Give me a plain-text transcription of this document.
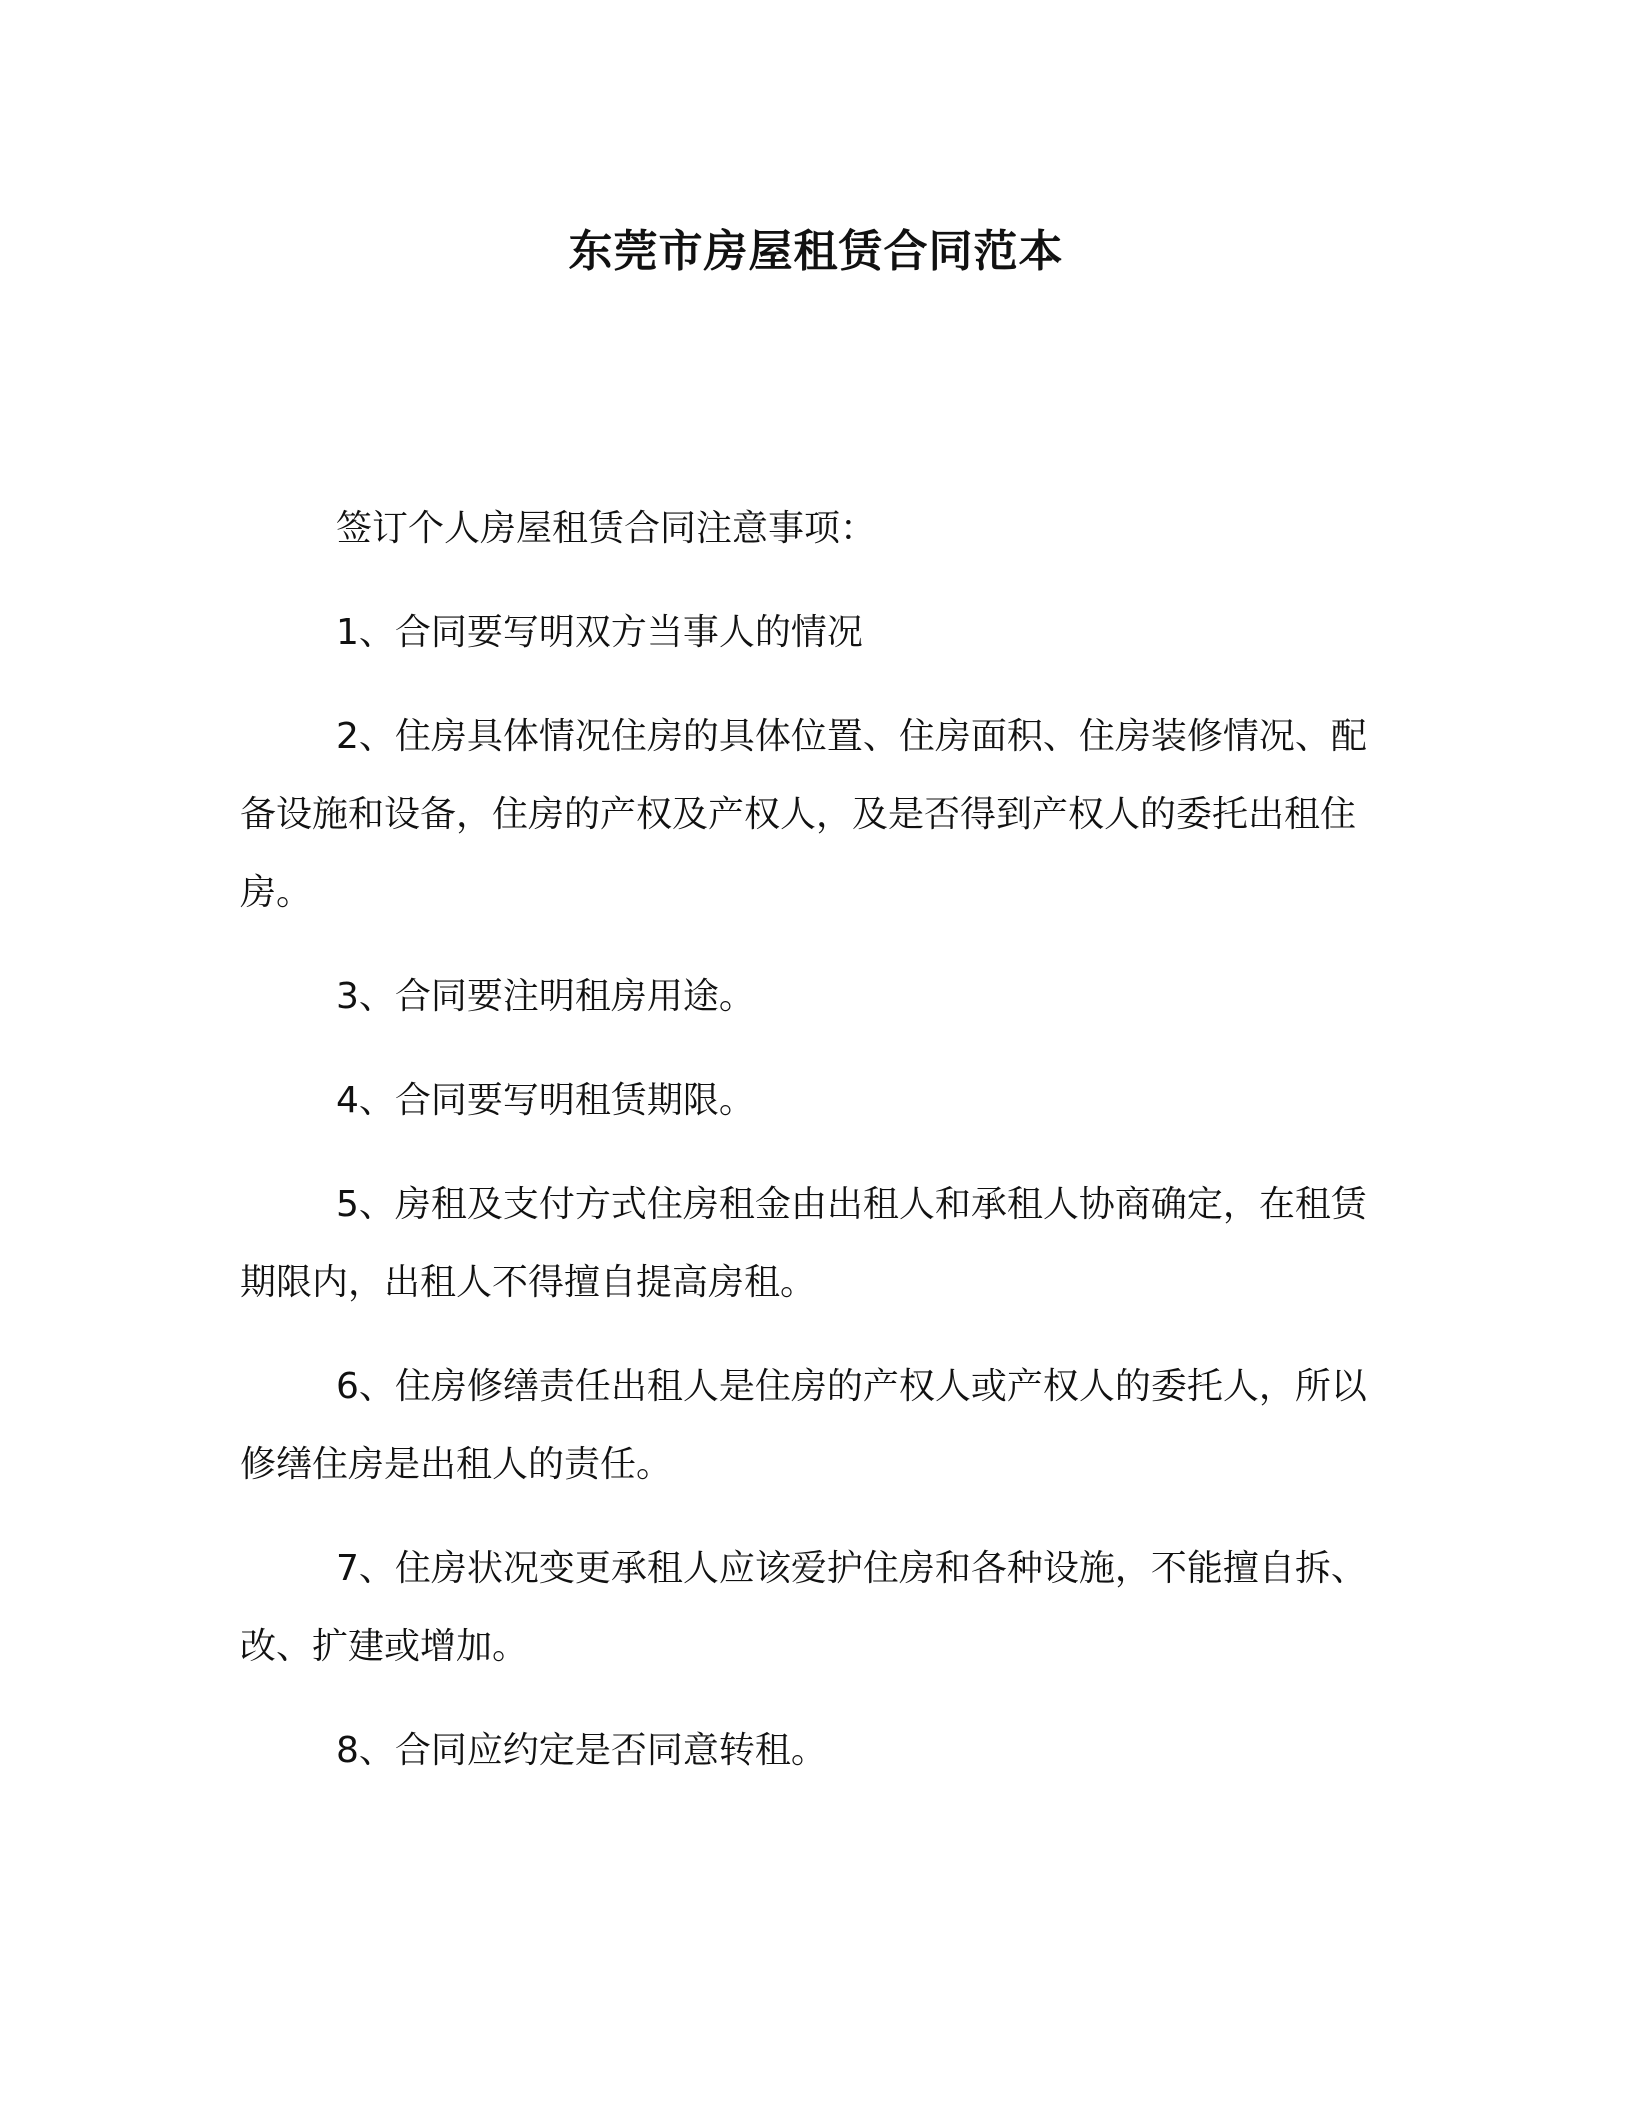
东莞市房屋租赁合同范本

签订个人房屋租赁合同注意事项：

1、合同要写明双方当事人的情况

2、住房具体情况住房的具体位置、住房面积、住房装修情况、配备设施和设备，住房的产权及产权人，及是否得到产权人的委托出租住房。

3、合同要注明租房用途。

4、合同要写明租赁期限。

5、房租及支付方式住房租金由出租人和承租人协商确定，在租赁期限内，出租人不得擅自提高房租。

6、住房修缮责任出租人是住房的产权人或产权人的委托人，所以修缮住房是出租人的责任。

7、住房状况变更承租人应该爱护住房和各种设施，不能擅自拆、改、扩建或增加。

8、合同应约定是否同意转租。
